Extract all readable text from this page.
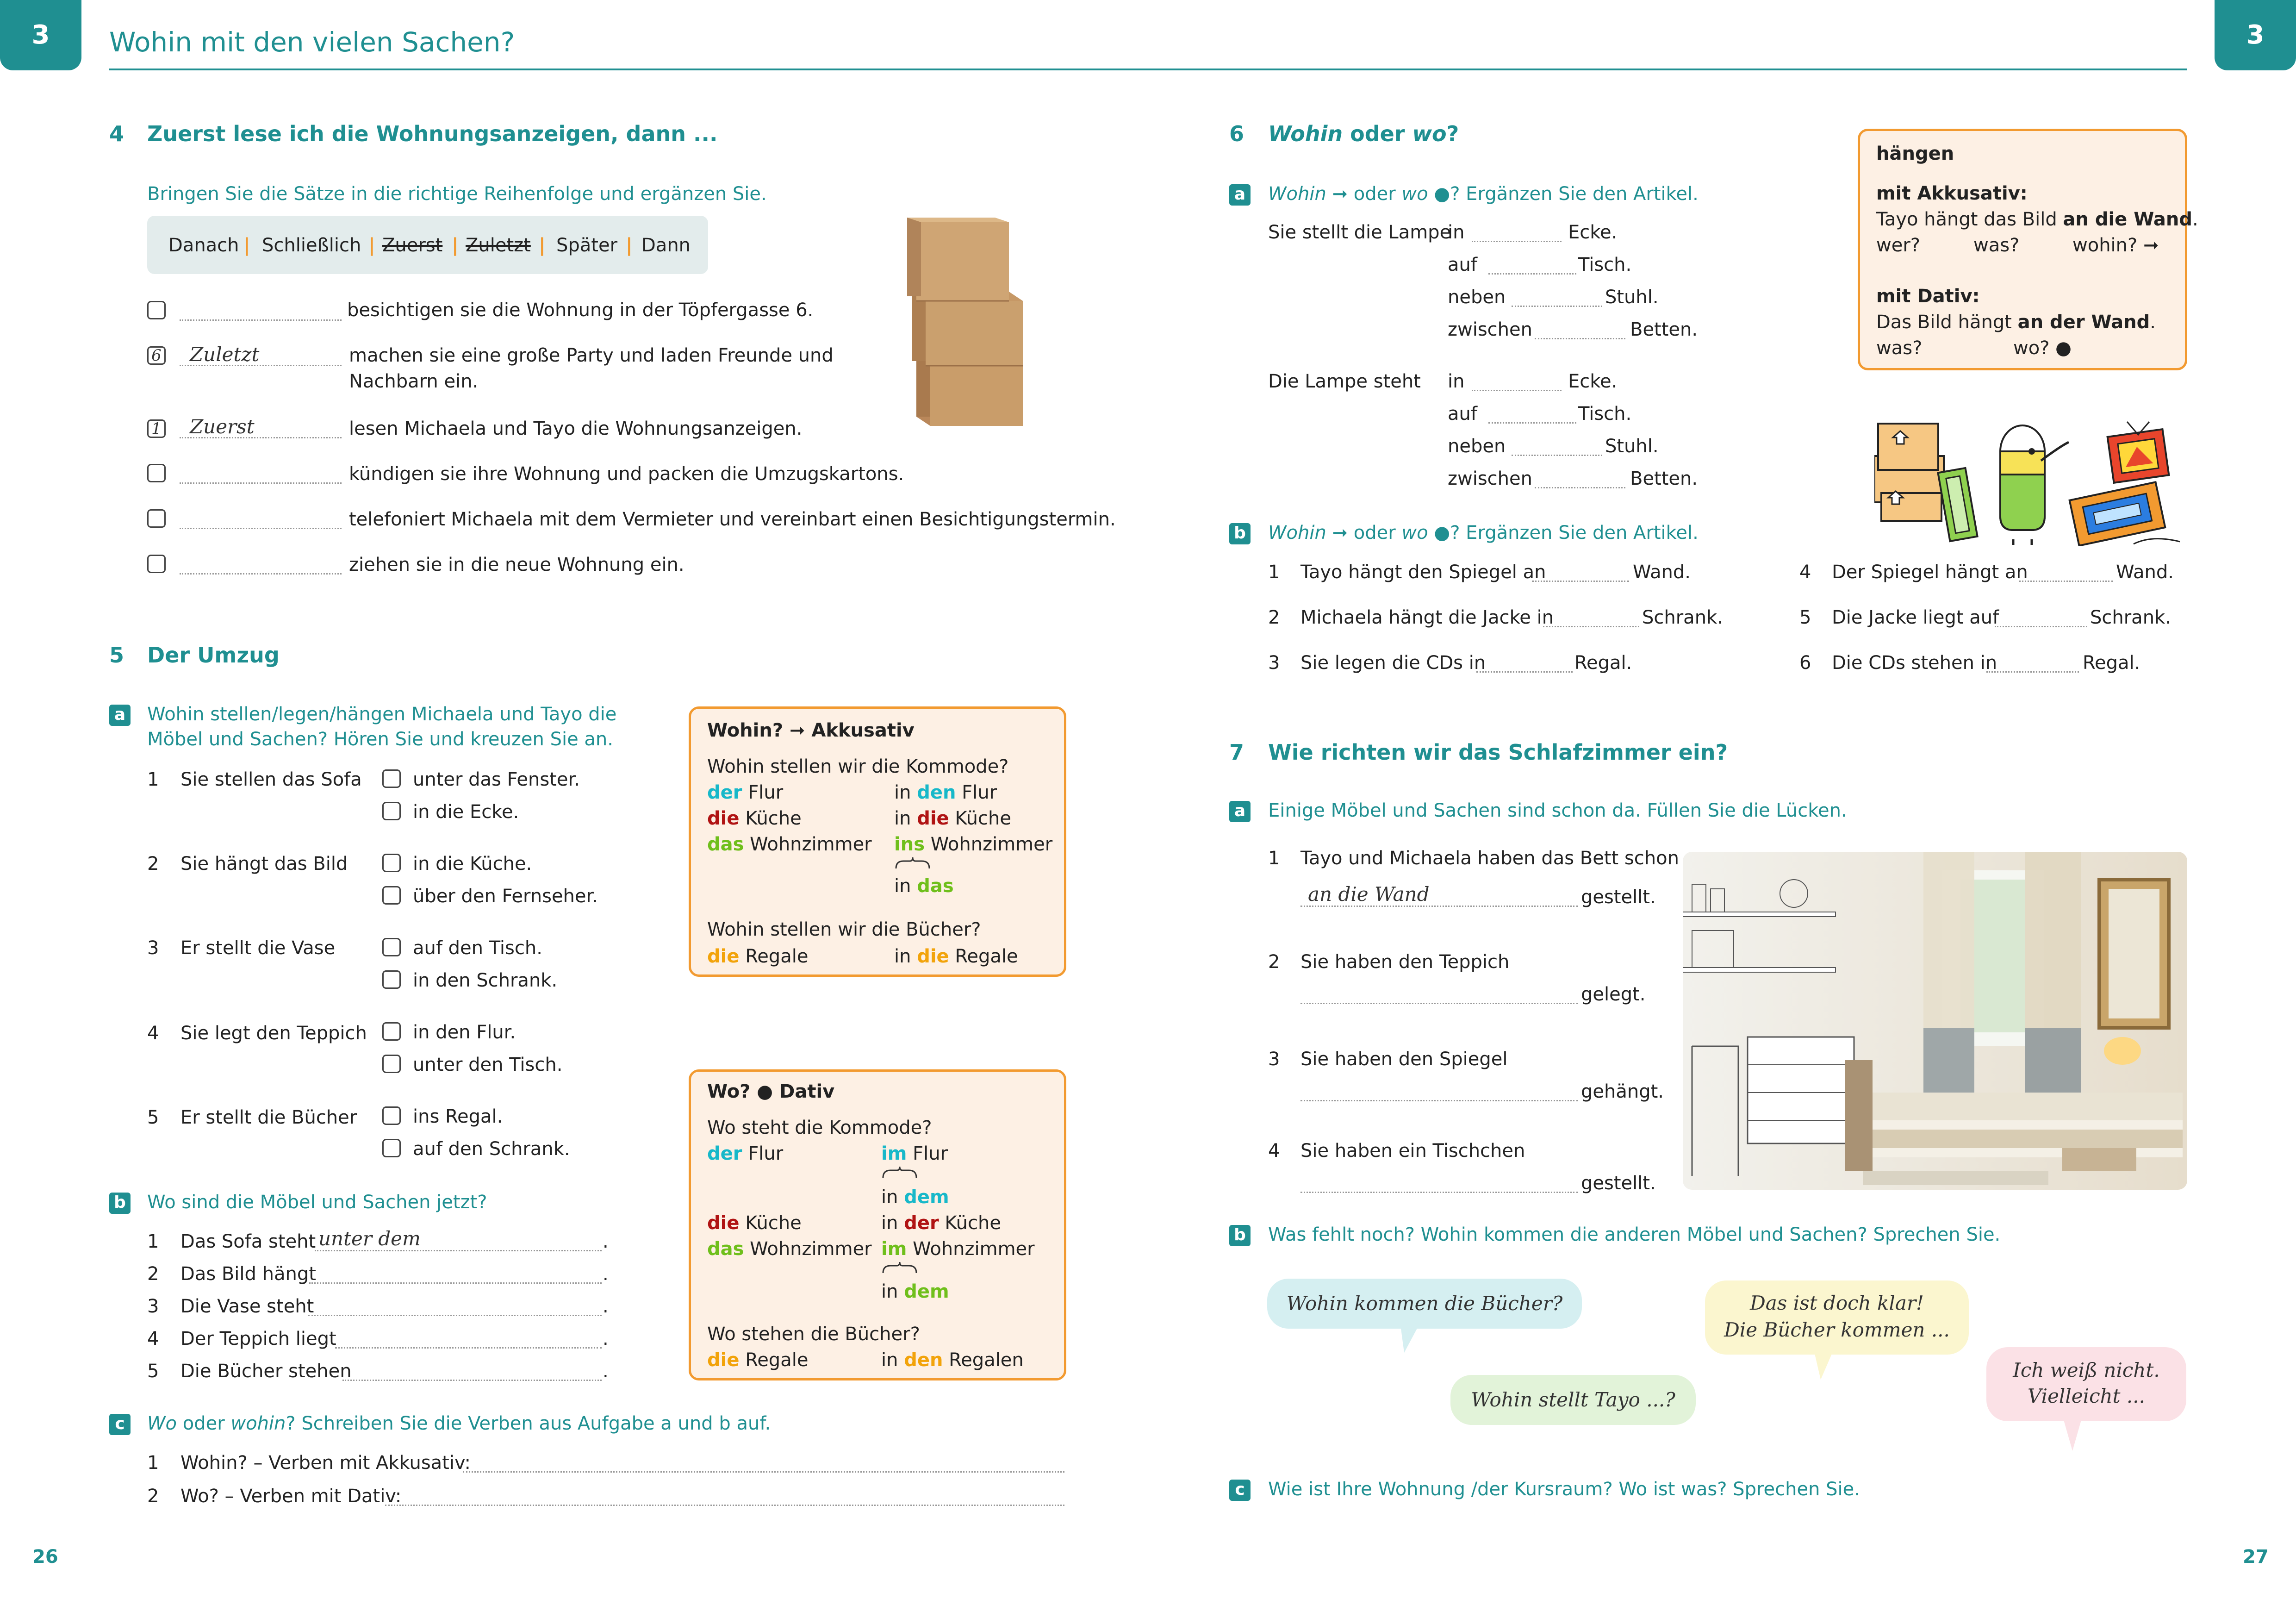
3	3
Wohin mit den vielen Sachen?
4 Zuerst lese ich die Wohnungsanzeigen, dann ...
Bringen Sie die Sätze in die richtige Reihenfolge und ergänzen Sie.
Danach | Schließlich | Zuerst | Zuletzt | Später | Dann
besichtigen sie die Wohnung in der Töpfergasse 6.
6 Zuletzt	machen sie eine große Party und laden Freunde und
Nachbarn ein.
1 Zuerst	lesen Michaela und Tayo die Wohnungsanzeigen.
kündigen sie ihre Wohnung und packen die Umzugskartons.
telefoniert Michaela mit dem Vermieter und vereinbart einen Besichtigungstermin.
ziehen sie in die neue Wohnung ein.
5 Der Umzug
a Wohin stellen/legen/hängen Michaela und Tayo die
Möbel und Sachen? Hören Sie und kreuzen Sie an.
1 Sie stellen das Sofa	unter das Fenster.
in die Ecke.
2 Sie hängt das Bild	in die Küche.
über den Fernseher.
3 Er stellt die Vase	auf den Tisch.
in den Schrank.
4 Sie legt den Teppich in den Flur.
unter den Tisch.
5 Er stellt die Bücher	ins Regal.
auf den Schrank.
Wohin? ➞ Akkusativ
Wohin stellen wir die Kommode?
der Flur	in den Flur
die Küche	in die Küche
das Wohnzimmer ins Wohnzimmer
in das
Wohin stellen wir die Bücher?
die Regale	in die Regale
Wo? ● Dativ
Wo steht die Kommode?
der Flur	im Flur
in dem
die Küche	in der Küche
das Wohnzimmer im Wohnzimmer
in dem
Wo stehen die Bücher?
die Regale	in den Regalen
b Wo sind die Möbel und Sachen jetzt?
1 Das Sofa steht unter dem	.
2 Das Bild hängt	.
3 Die Vase steht	.
4 Der Teppich liegt	.
5 Die Bücher stehen	.
c	Wo oder wohin? Schreiben Sie die Verben aus Aufgabe a und b auf.
1 Wohin? – Verben mit Akkusativ:
2 Wo? – Verben mit Dativ:
26
6 Wohin oder wo?
a Wohin ➞ oder wo ●? Ergänzen Sie den Artikel.
Sie stellt die Lampe
in	Ecke.
auf	Tisch.
neben	Stuhl.
zwischen	Betten.
Die Lampe steht in	Ecke.
auf	Tisch.
neben	Stuhl.
zwischen	Betten.
hängen
mit Akkusativ:
Tayo hängt das Bild an die Wand.
wer?	was?	wohin? ➞
mit Dativ:
Das Bild hängt an der Wand.
was?	wo? ●
b Wohin ➞ oder wo ●? Ergänzen Sie den Artikel.
1 Tayo hängt den Spiegel an	Wand.
2 Michaela hängt die Jacke in	Schrank.
3 Sie legen die CDs in	Regal.
4 Der Spiegel hängt an	Wand.
5 Die Jacke liegt auf	Schrank.
6 Die CDs stehen in	Regal.
7 Wie richten wir das Schlafzimmer ein?
a Einige Möbel und Sachen sind schon da. Füllen Sie die Lücken.
1 Tayo und Michaela haben das Bett schon
an die Wand	gestellt.
2 Sie haben den Teppich
gelegt.
3 Sie haben den Spiegel
gehängt.
4 Sie haben ein Tischchen
gestellt.
b Was fehlt noch? Wohin kommen die anderen Möbel und Sachen? Sprechen Sie.
Wohin kommen die Bücher?	Das ist doch klar!
Die Bücher kommen ...
Wohin stellt Tayo ...?
Ich weiß nicht.
Vielleicht ...
c	Wie ist Ihre Wohnung /der Kursraum? Wo ist was? Sprechen Sie.
27
